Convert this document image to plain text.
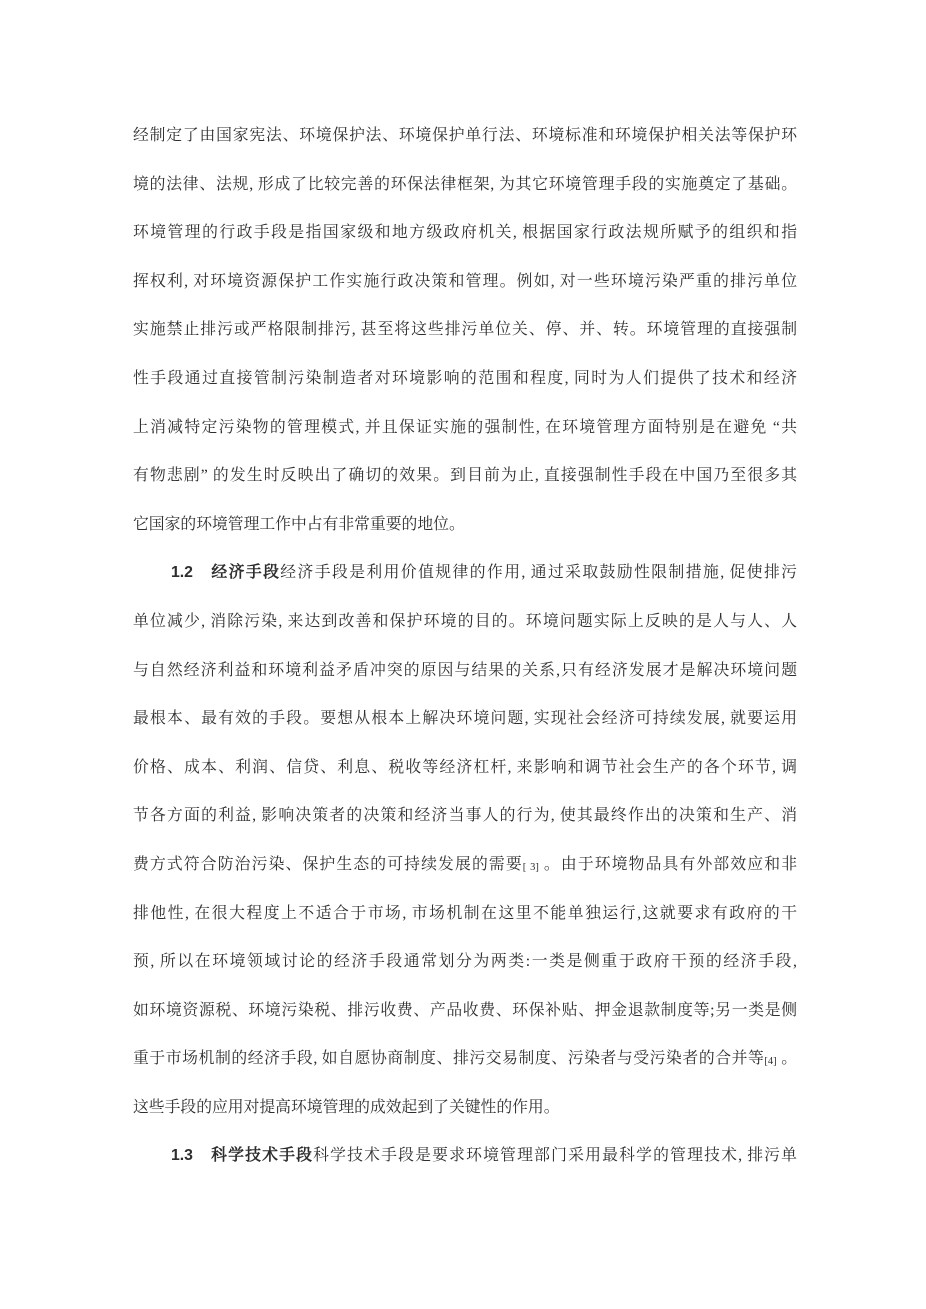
经制定了由国家宪法、环境保护法、环境保护单行法、环境标准和环境保护相关法等保护环
境的法律、法规, 形成了比较完善的环保法律框架, 为其它环境管理手段的实施奠定了基础。
环境管理的行政手段是指国家级和地方级政府机关, 根据国家行政法规所赋予的组织和指
挥权利, 对环境资源保护工作实施行政决策和管理。例如, 对一些环境污染严重的排污单位
实施禁止排污或严格限制排污, 甚至将这些排污单位关、停、并、转。环境管理的直接强制
性手段通过直接管制污染制造者对环境影响的范围和程度, 同时为人们提供了技术和经济
上消减特定污染物的管理模式, 并且保证实施的强制性, 在环境管理方面特别是在避免 “共
有物悲剧” 的发生时反映出了确切的效果。到目前为止, 直接强制性手段在中国乃至很多其
它国家的环境管理工作中占有非常重要的地位。
1.2 经济手段经济手段是利用价值规律的作用, 通过采取鼓励性限制措施, 促使排污
单位减少, 消除污染, 来达到改善和保护环境的目的。环境问题实际上反映的是人与人、人
与自然经济利益和环境利益矛盾冲突的原因与结果的关系,只有经济发展才是解决环境问题
最根本、最有效的手段。要想从根本上解决环境问题, 实现社会经济可持续发展, 就要运用
价格、成本、利润、信贷、利息、税收等经济杠杆, 来影响和调节社会生产的各个环节, 调
节各方面的利益, 影响决策者的决策和经济当事人的行为, 使其最终作出的决策和生产、消
费方式符合防治污染、保护生态的可持续发展的需要[ 3] 。由于环境物品具有外部效应和非
排他性, 在很大程度上不适合于市场, 市场机制在这里不能单独运行,这就要求有政府的干
预, 所以在环境领域讨论的经济手段通常划分为两类:一类是侧重于政府干预的经济手段,
如环境资源税、环境污染税、排污收费、产品收费、环保补贴、押金退款制度等;另一类是侧
重于市场机制的经济手段, 如自愿协商制度、排污交易制度、污染者与受污染者的合并等[4] 。
这些手段的应用对提高环境管理的成效起到了关键性的作用。
1.3 科学技术手段科学技术手段是要求环境管理部门采用最科学的管理技术, 排污单
